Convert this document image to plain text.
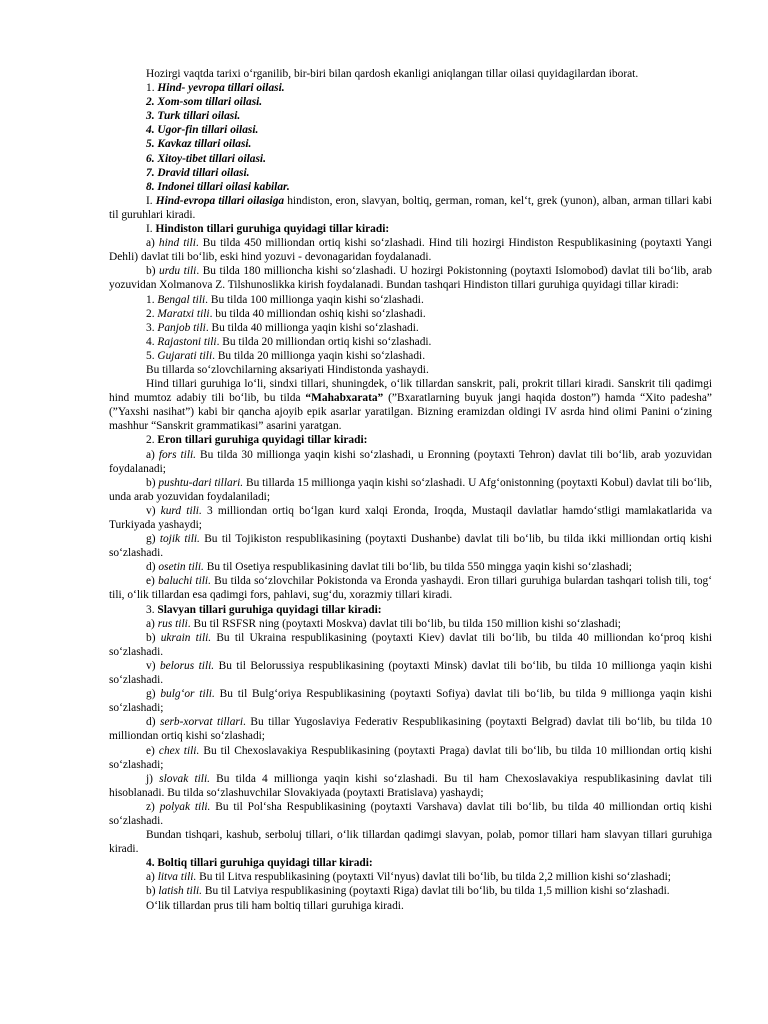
Hozirgi vaqtda tarixi o‘rganilib, bir-biri bilan qardosh ekanligi aniqlangan tillar oilasi quyidagilardan iborat.

1. Hind- yevropa tillari oilasi.

2. Xom-som tillari oilasi.

3. Turk tillari oilasi.

4. Ugor-fin tillari oilasi.

5. Kavkaz tillari oilasi.

6. Xitoy-tibet tillari oilasi.

7. Dravid tillari oilasi.

8. Indonei tillari oilasi kabilar.

I. Hind-evropa tillari oilasiga hindiston, eron, slavyan, boltiq, german, roman, kel‘t, grek (yunon), alban, arman tillari kabi til guruhlari kiradi.

I. Hindiston tillari guruhiga quyidagi tillar kiradi:

a) hind tili. Bu tilda 450 milliondan ortiq kishi so‘zlashadi. Hind tili hozirgi Hindiston Respublikasining (poytaxti Yangi Dehli) davlat tili bo‘lib, eski hind yozuvi - devonagaridan foydalanadi.

b) urdu tili. Bu tilda 180 millioncha kishi so‘zlashadi. U hozirgi Pokistonning (poytaxti Islomobod) davlat tili bo‘lib, arab yozuvidan Xolmanova Z. Tilshunoslikka kirish foydalanadi. Bundan tashqari Hindiston tillari guruhiga quyidagi tillar kiradi:

1. Bengal tili. Bu tilda 100 millionga yaqin kishi so‘zlashadi.

2. Maratxi tili. bu tilda 40 milliondan oshiq kishi so‘zlashadi.

3. Panjob tili. Bu tilda 40 millionga yaqin kishi so‘zlashadi.

4. Rajastoni tili. Bu tilda 20 milliondan ortiq kishi so‘zlashadi.

5. Gujarati tili. Bu tilda 20 millionga yaqin kishi so‘zlashadi.

Bu tillarda so‘zlovchilarning aksariyati Hindistonda yashaydi.

Hind tillari guruhiga lo‘li, sindxi tillari, shuningdek, o‘lik tillardan sanskrit, pali, prokrit tillari kiradi. Sanskrit tili qadimgi hind mumtoz adabiy tili bo‘lib, bu tilda “Mahabxarata” (”Bxaratlarning buyuk jangi haqida doston”) hamda “Xito padesha” (”Yaxshi nasihat”) kabi bir qancha ajoyib epik asarlar yaratilgan. Bizning eramizdan oldingi IV asrda hind olimi Panini o‘zining mashhur “Sanskrit grammatikasi” asarini yaratgan.

2. Eron tillari guruhiga quyidagi tillar kiradi:

a) fors tili. Bu tilda 30 millionga yaqin kishi so‘zlashadi, u Eronning (poytaxti Tehron) davlat tili bo‘lib, arab yozuvidan foydalanadi;

b) pushtu-dari tillari. Bu tillarda 15 millionga yaqin kishi so‘zlashadi. U Afg‘onistonning (poytaxti Kobul) davlat tili bo‘lib, unda arab yozuvidan foydalaniladi;

v) kurd tili. 3 milliondan ortiq bo‘lgan kurd xalqi Eronda, Iroqda, Mustaqil davlatlar hamdo‘stligi mamlakatlarida va Turkiyada yashaydi;

g) tojik tili. Bu til Tojikiston respublikasining (poytaxti Dushanbe) davlat tili bo‘lib, bu tilda ikki milliondan ortiq kishi so‘zlashadi.

d) osetin tili. Bu til Osetiya respublikasining davlat tili bo‘lib, bu tilda 550 mingga yaqin kishi so‘zlashadi;

e) baluchi tili. Bu tilda so‘zlovchilar Pokistonda va Eronda yashaydi. Eron tillari guruhiga bulardan tashqari tolish tili, tog‘ tili, o‘lik tillardan esa qadimgi fors, pahlavi, sug‘du, xorazmiy tillari kiradi.

3. Slavyan tillari guruhiga quyidagi tillar kiradi:

a) rus tili. Bu til RSFSR ning (poytaxti Moskva) davlat tili bo‘lib, bu tilda 150 million kishi so‘zlashadi;

b) ukrain tili. Bu til Ukraina respublikasining (poytaxti Kiev) davlat tili bo‘lib, bu tilda 40 milliondan ko‘proq kishi so‘zlashadi.

v) belorus tili. Bu til Belorussiya respublikasining (poytaxti Minsk) davlat tili bo‘lib, bu tilda 10 millionga yaqin kishi so‘zlashadi.

g) bulg‘or tili. Bu til Bulg‘oriya Respublikasining (poytaxti Sofiya) davlat tili bo‘lib, bu tilda 9 millionga yaqin kishi so‘zlashadi;

d) serb-xorvat tillari. Bu tillar Yugoslaviya Federativ Respublikasining (poytaxti Belgrad) davlat tili bo‘lib, bu tilda 10 milliondan ortiq kishi so‘zlashadi;

e) chex tili. Bu til Chexoslavakiya Respublikasining (poytaxti Praga) davlat tili bo‘lib, bu tilda 10 milliondan ortiq kishi so‘zlashadi;

j) slovak tili. Bu tilda 4 millionga yaqin kishi so‘zlashadi. Bu til ham Chexoslavakiya respublikasining davlat tili hisoblanadi. Bu tilda so‘zlashuvchilar Slovakiyada (poytaxti Bratislava) yashaydi;

z) polyak tili. Bu til Pol‘sha Respublikasining (poytaxti Varshava) davlat tili bo‘lib, bu tilda 40 milliondan ortiq kishi so‘zlashadi.

Bundan tishqari, kashub, serboluj tillari, o‘lik tillardan qadimgi slavyan, polab, pomor tillari ham slavyan tillari guruhiga kiradi.

4. Boltiq tillari guruhiga quyidagi tillar kiradi:

a) litva tili. Bu til Litva respublikasining (poytaxti Vil‘nyus) davlat tili bo‘lib, bu tilda 2,2 million kishi so‘zlashadi;

b) latish tili. Bu til Latviya respublikasining (poytaxti Riga) davlat tili bo‘lib, bu tilda 1,5 million kishi so‘zlashadi.

O‘lik tillardan prus tili ham boltiq tillari guruhiga kiradi.
